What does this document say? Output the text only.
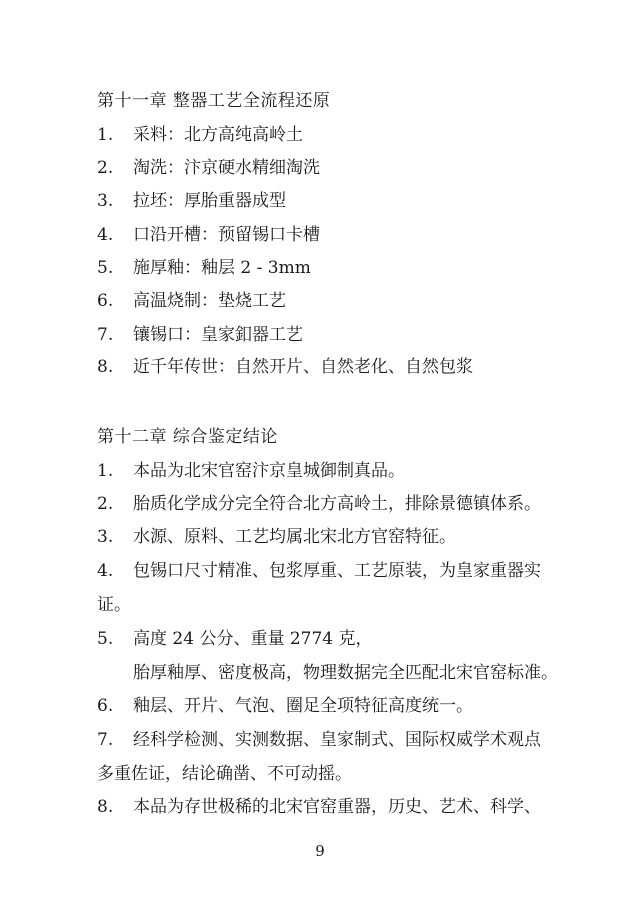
第十一章 整器工艺全流程还原
1. 采料：北方高纯高岭土
2. 淘洗：汴京硬水精细淘洗
3. 拉坯：厚胎重器成型
4. 口沿开槽：预留锡口卡槽
5. 施厚釉：釉层 2 - 3mm
6. 高温烧制：垫烧工艺
7. 镶锡口：皇家釦器工艺
8. 近千年传世：自然开片、自然老化、自然包浆
第十二章 综合鉴定结论
1. 本品为北宋官窑汴京皇城御制真品。
2. 胎质化学成分完全符合北方高岭土，排除景德镇体系。
3. 水源、原料、工艺均属北宋北方官窑特征。
4. 包锡口尺寸精准、包浆厚重、工艺原装，为皇家重器实
证。
5. 高度 24 公分、重量 2774 克，
胎厚釉厚、密度极高，物理数据完全匹配北宋官窑标准。
6. 釉层、开片、气泡、圈足全项特征高度统一。
7. 经科学检测、实测数据、皇家制式、国际权威学术观点
多重佐证，结论确凿、不可动摇。
8. 本品为存世极稀的北宋官窑重器，历史、艺术、科学、
9
